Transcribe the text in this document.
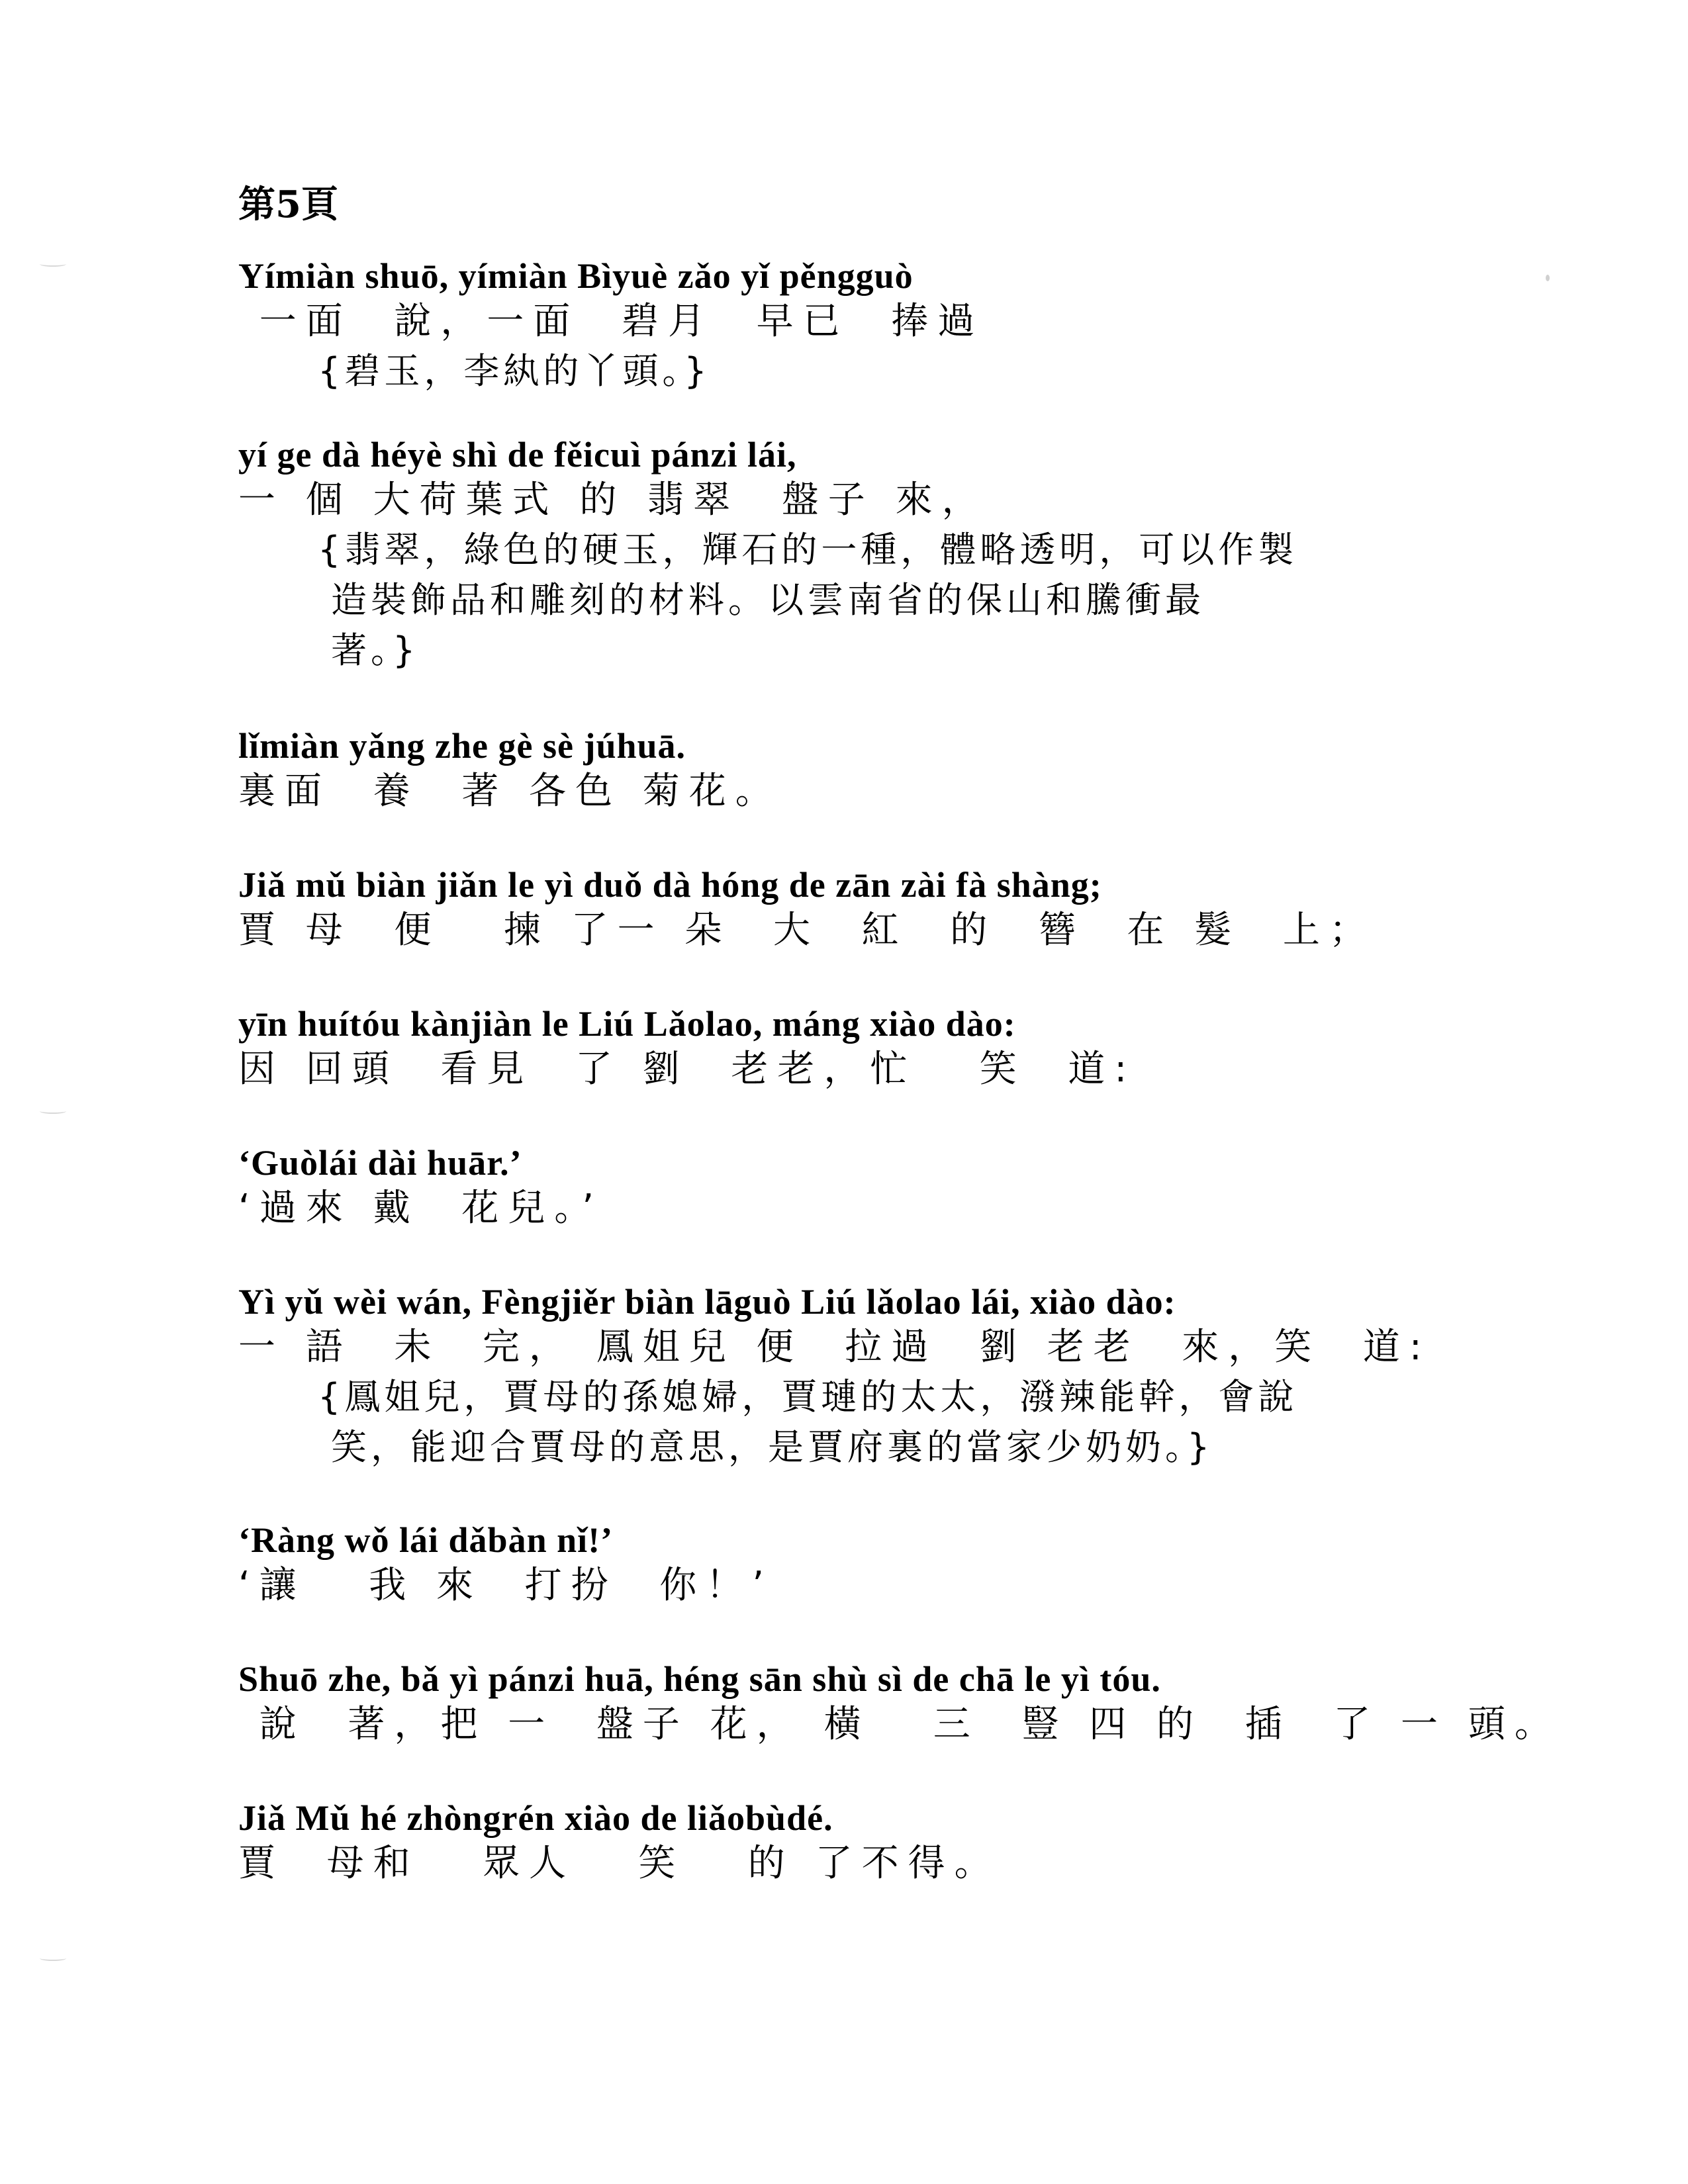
第5頁
Yímiàn shuō, yímiàn Bìyuè zǎo yǐ pěngguò
一面  說，一面  碧月  早已  捧過
{碧玉，李紈的丫頭。}
yí ge dà héyè shì de fěicuì pánzi lái,
一 個 大荷葉式 的 翡翠  盤子 來，
{翡翠，綠色的硬玉，輝石的一種，體略透明，可以作製
造裝飾品和雕刻的材料。以雲南省的保山和騰衝最
著。}
lǐmiàn yǎng zhe gè sè júhuā.
裏面  養  著 各色 菊花。
Jiǎ mǔ biàn jiǎn le yì duǒ dà hóng de zān zài fà shàng;
賈 母  便   揀 了一 朵  大  紅  的  簪  在 髮  上；
yīn huítóu kànjiàn le Liú Lǎolao, máng xiào dào:
因 回頭  看見  了 劉  老老，忙   笑  道:
‘Guòlái dài huār.’
‘過來 戴  花兒。’
Yì yǔ wèi wán, Fèngjiěr biàn lāguò Liú lǎolao lái, xiào dào:
一 語  未  完， 鳳姐兒 便  拉過  劉 老老  來，笑  道:
{鳳姐兒，賈母的孫媳婦，賈璉的太太，潑辣能幹，會說
笑，能迎合賈母的意思，是賈府裏的當家少奶奶。}
‘Ràng wǒ lái dǎbàn nǐ!’
‘讓   我 來  打扮  你！’
Shuō zhe, bǎ yì pánzi huā, héng sān shù sì de chā le yì tóu.
說  著，把 一  盤子 花， 橫   三  豎 四 的  插  了 一 頭。
Jiǎ Mǔ hé zhòngrén xiào de liǎobùdé.
賈  母和   眾人   笑   的 了不得。
